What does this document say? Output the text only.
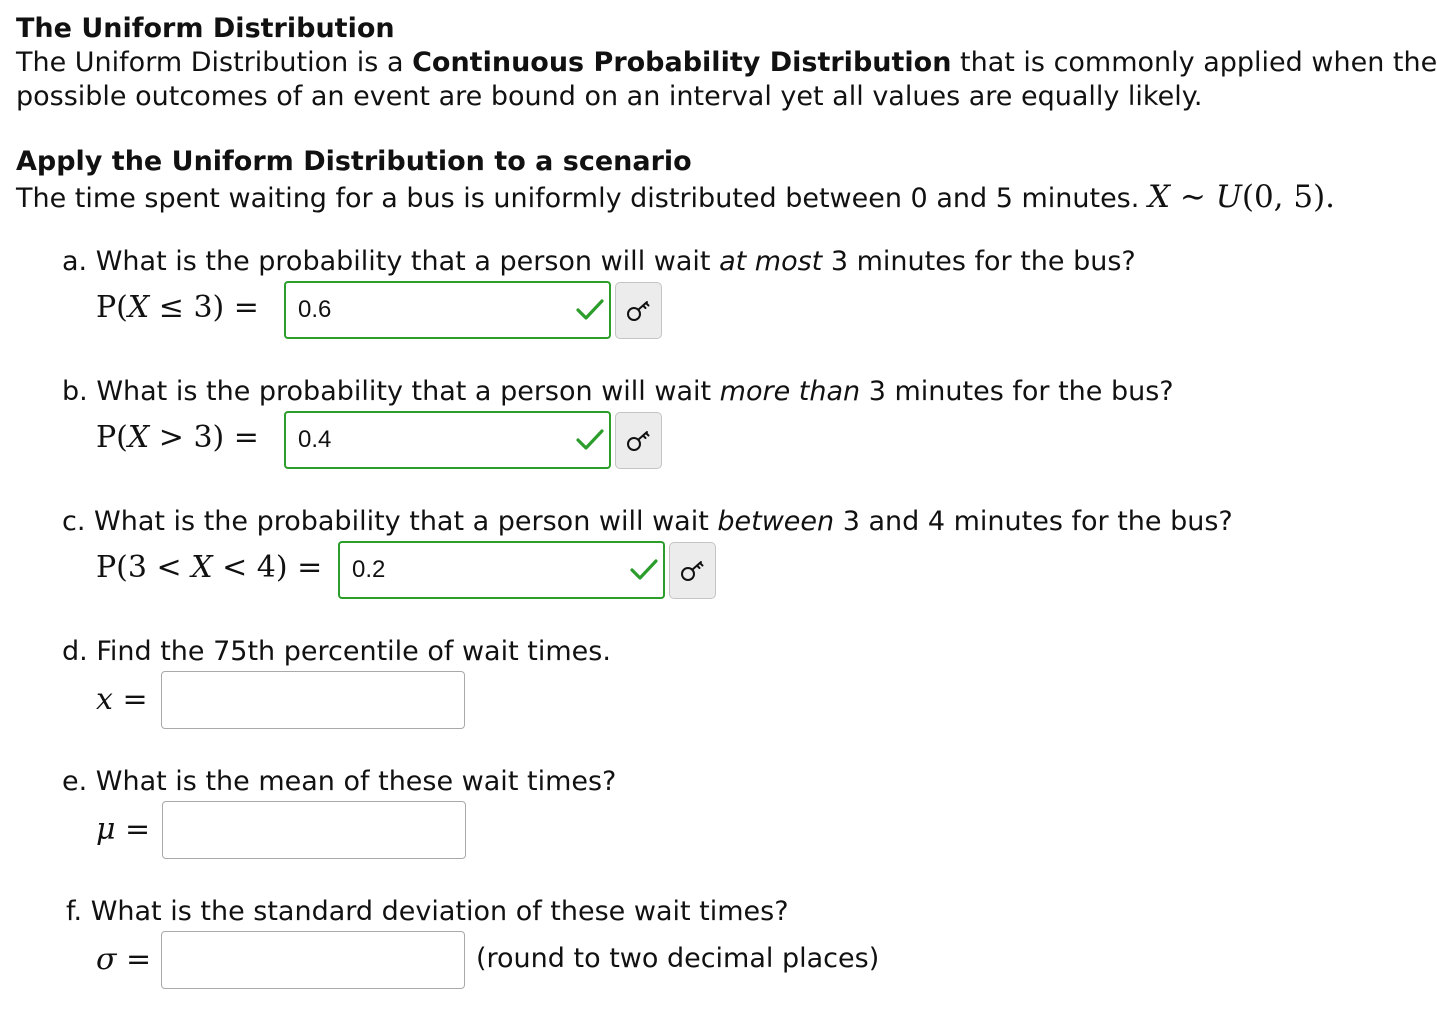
The Uniform Distribution
The Uniform Distribution is a Continuous Probability Distribution that is commonly applied when the
possible outcomes of an event are bound on an interval yet all values are equally likely.
Apply the Uniform Distribution to a scenario
The time spent waiting for a bus is uniformly distributed between 0 and 5 minutes. X ∼ U(0, 5).
a. What is the probability that a person will wait at most 3 minutes for the bus?
P(X ≤ 3) = 0.6
b. What is the probability that a person will wait more than 3 minutes for the bus?
P(X > 3) = 0.4
c. What is the probability that a person will wait between 3 and 4 minutes for the bus?
P(3 < X < 4) = 0.2
d. Find the 75th percentile of wait times.
x =
e. What is the mean of these wait times?
μ =
f. What is the standard deviation of these wait times?
σ =	(round to two decimal places)
